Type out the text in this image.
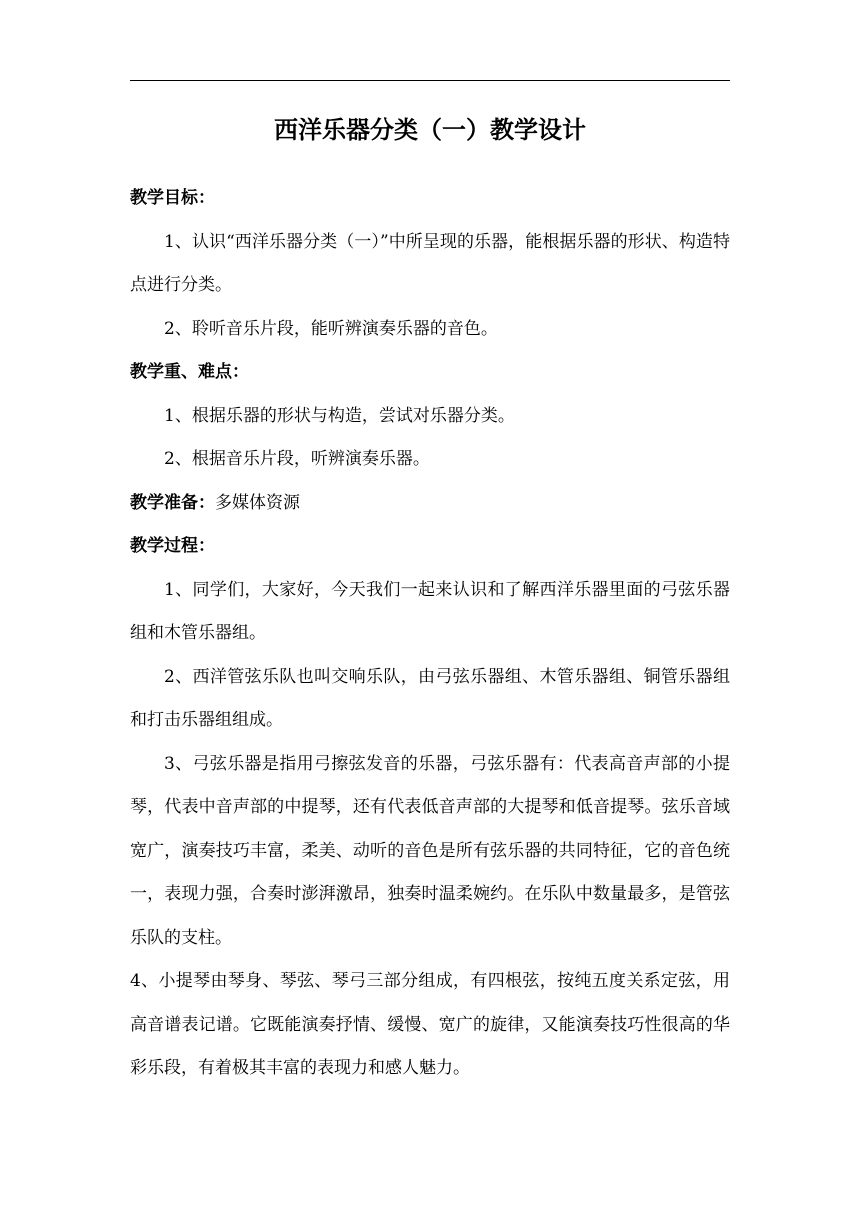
西洋乐器分类（一）教学设计

教学目标：

1、认识“西洋乐器分类（一）”中所呈现的乐器，能根据乐器的形状、构造特点进行分类。

2、聆听音乐片段，能听辨演奏乐器的音色。

教学重、难点：

1、根据乐器的形状与构造，尝试对乐器分类。

2、根据音乐片段，听辨演奏乐器。

教学准备：多媒体资源

教学过程：

1、同学们，大家好，今天我们一起来认识和了解西洋乐器里面的弓弦乐器组和木管乐器组。

2、西洋管弦乐队也叫交响乐队，由弓弦乐器组、木管乐器组、铜管乐器组和打击乐器组组成。

3、弓弦乐器是指用弓擦弦发音的乐器，弓弦乐器有：代表高音声部的小提琴，代表中音声部的中提琴，还有代表低音声部的大提琴和低音提琴。弦乐音域宽广，演奏技巧丰富，柔美、动听的音色是所有弦乐器的共同特征，它的音色统一，表现力强，合奏时澎湃激昂，独奏时温柔婉约。在乐队中数量最多，是管弦乐队的支柱。

4、小提琴由琴身、琴弦、琴弓三部分组成，有四根弦，按纯五度关系定弦，用高音谱表记谱。它既能演奏抒情、缓慢、宽广的旋律，又能演奏技巧性很高的华彩乐段，有着极其丰富的表现力和感人魅力。
